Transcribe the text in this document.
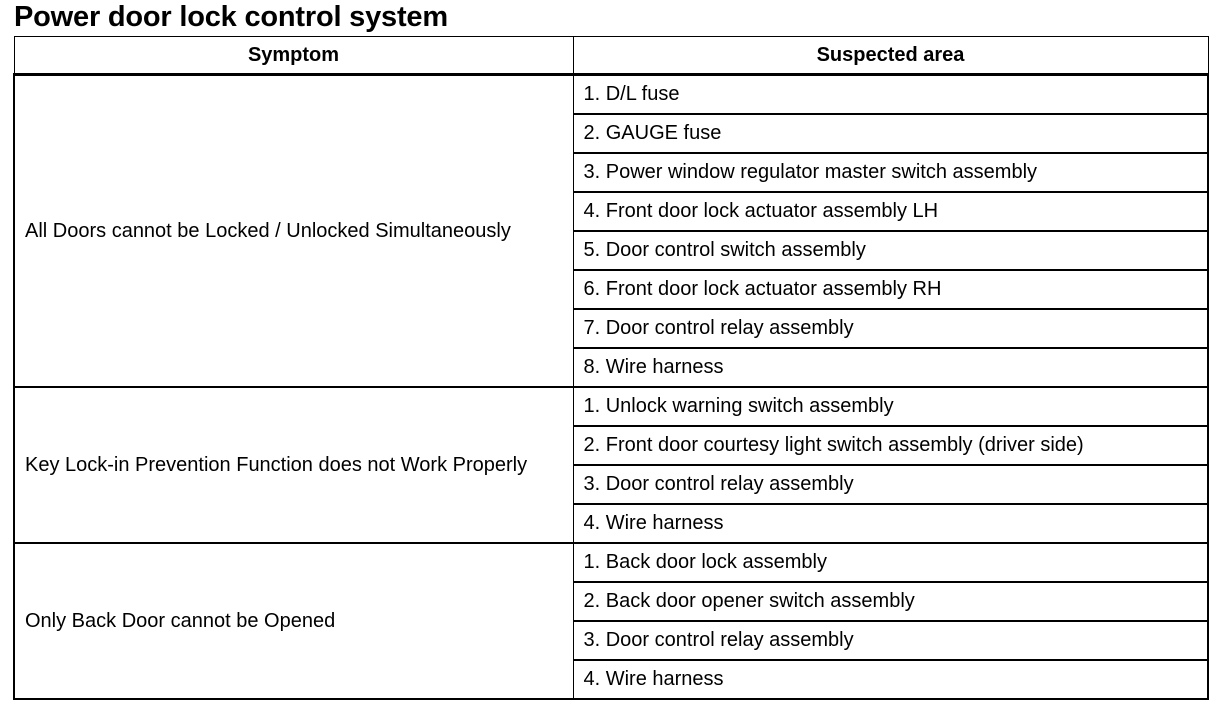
Power door lock control system
Symptom	Suspected area
All Doors cannot be Locked / Unlocked Simultaneously	1. D/L fuse
	2. GAUGE fuse
	3. Power window regulator master switch assembly
	4. Front door lock actuator assembly LH
	5. Door control switch assembly
	6. Front door lock actuator assembly RH
	7. Door control relay assembly
	8. Wire harness
Key Lock-in Prevention Function does not Work Properly	1. Unlock warning switch assembly
	2. Front door courtesy light switch assembly (driver side)
	3. Door control relay assembly
	4. Wire harness
Only Back Door cannot be Opened	1. Back door lock assembly
	2. Back door opener switch assembly
	3. Door control relay assembly
	4. Wire harness
